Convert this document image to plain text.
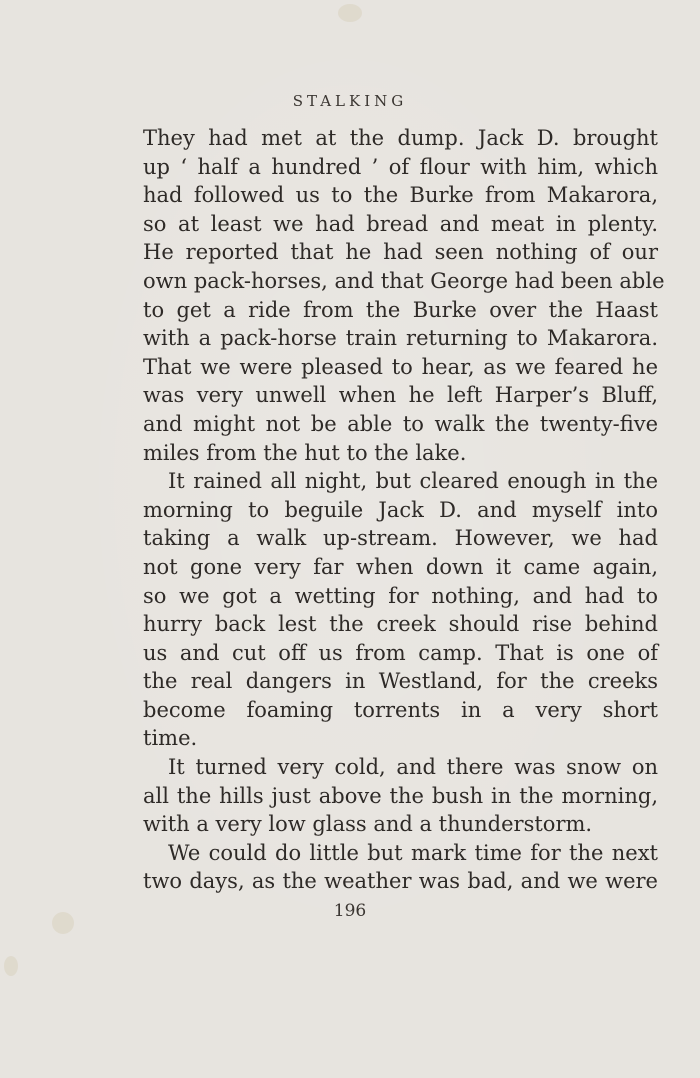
STALKING
They had met at the dump. Jack D. brought
up ‘ half a hundred ’ of flour with him, which
had followed us to the Burke from Makarora,
so at least we had bread and meat in plenty.
He reported that he had seen nothing of our
own pack-horses, and that George had been able
to get a ride from the Burke over the Haast
with a pack-horse train returning to Makarora.
That we were pleased to hear, as we feared he
was very unwell when he left Harper’s Bluff,
and might not be able to walk the twenty-five
miles from the hut to the lake.
It rained all night, but cleared enough in the
morning to beguile Jack D. and myself into
taking a walk up-stream. However, we had
not gone very far when down it came again,
so we got a wetting for nothing, and had to
hurry back lest the creek should rise behind
us and cut off us from camp. That is one of
the real dangers in Westland, for the creeks
become foaming torrents in a very short
time.
It turned very cold, and there was snow on
all the hills just above the bush in the morning,
with a very low glass and a thunderstorm.
We could do little but mark time for the next
two days, as the weather was bad, and we were
196
